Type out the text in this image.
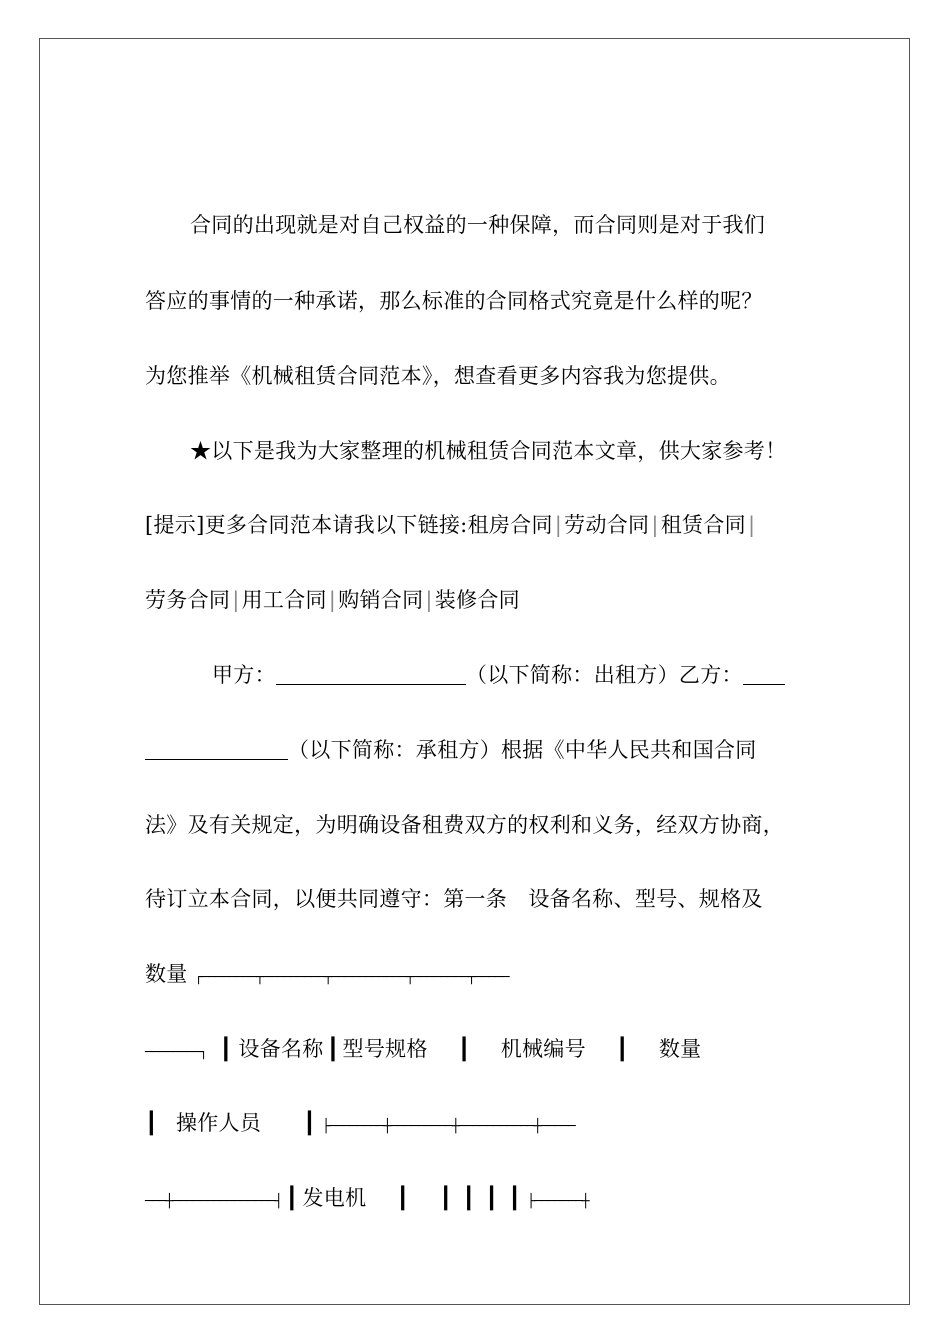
合同的出现就是对自己权益的一种保障，而合同则是对于我们
答应的事情的一种承诺，那么标准的合同格式究竟是什么样的呢？
为您推举《机械租赁合同范本》，想查看更多内容我为您提供。
★以下是我为大家整理的机械租赁合同范本文章，供大家参考！
[提示]更多合同范本请我以下链接:租房合同|劳动合同|租赁合同|
劳务合同|用工合同|购销合同|装修合同
甲方：	（以下简称：出租方）乙方：
（以下简称：承租方）根据《中华人民共和国合同
法》及有关规定，为明确设备租费双方的权利和义务，经双方协商，
待订立本合同，以便共同遵守：第一条　设备名称、型号、规格及
数量 ┌────────┬─────────┬───────────┬────────┬─────
────────┐ ┃ 设备名称 ┃ 型号规格 ┃ 机械编号 ┃ 数量
┃ 操作人员 ┃ ├────────┼─────────┼───────────┼─────
───┼───────────────┤ ┃ 发电机 ┃ ┃ ┃ ┃ ┃ ├───────┼
